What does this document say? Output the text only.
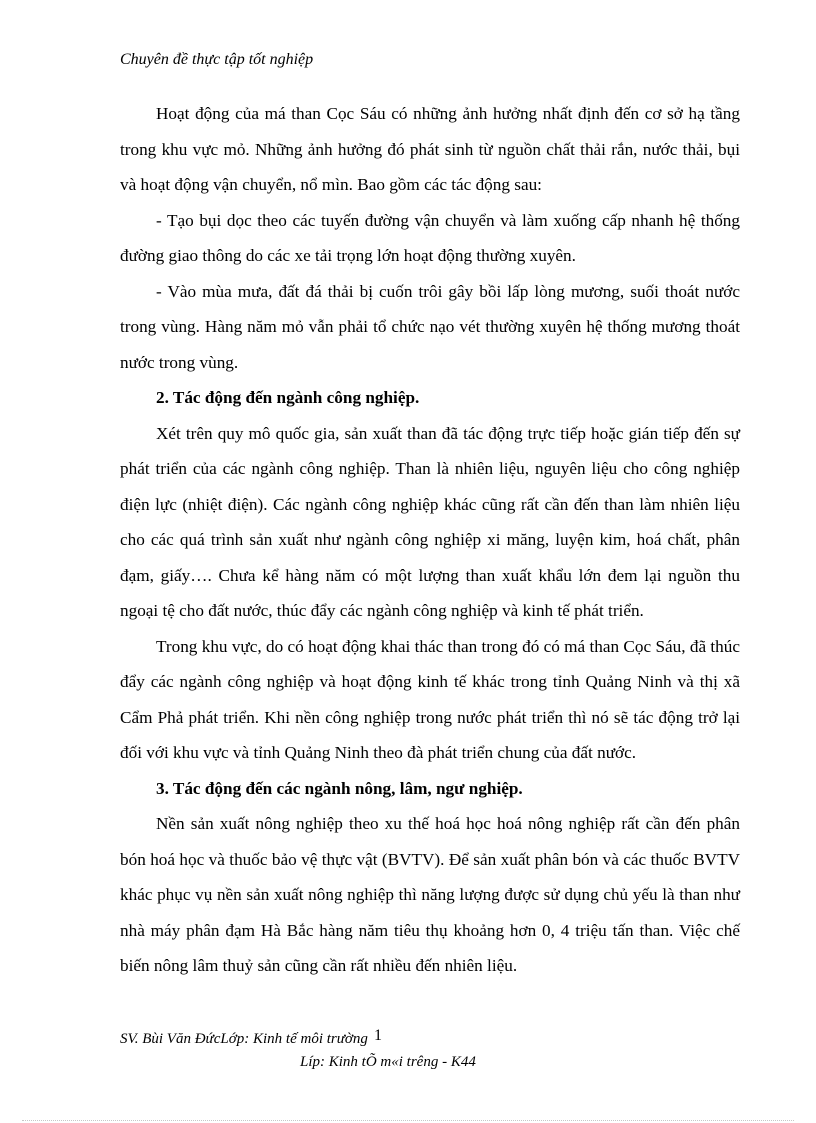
Chuyên đề thực tập tốt nghiệp

Hoạt động của má than Cọc Sáu có những ảnh hưởng nhất định đến cơ sở hạ tầng trong khu vực mỏ. Những ảnh hưởng đó phát sinh từ nguồn chất thải rắn, nước thải, bụi và hoạt động vận chuyển, nổ mìn. Bao gồm các tác động sau:

- Tạo bụi dọc theo các tuyến đường vận chuyển và làm xuống cấp nhanh hệ thống đường giao thông do các xe tải trọng lớn hoạt động thường xuyên.

- Vào mùa mưa, đất đá thải bị cuốn trôi gây bồi lấp lòng mương, suối thoát nước trong vùng. Hàng năm mỏ vẫn phải tổ chức nạo vét thường xuyên hệ thống mương thoát nước trong vùng.

2. Tác động đến ngành công nghiệp.

Xét trên quy mô quốc gia, sản xuất than đã tác động trực tiếp hoặc gián tiếp đến sự phát triển của các ngành công nghiệp. Than là nhiên liệu, nguyên liệu cho công nghiệp điện lực (nhiệt điện). Các ngành công nghiệp khác cũng rất cần đến than làm nhiên liệu cho các quá trình sản xuất như ngành công nghiệp xi măng, luyện kim, hoá chất, phân đạm, giấy…. Chưa kể hàng năm có một lượng than xuất khẩu lớn đem lại nguồn thu ngoại tệ cho đất nước, thúc đẩy các ngành công nghiệp và kinh tế phát triển.

Trong khu vực, do có hoạt động khai thác than trong đó có má than Cọc Sáu, đã thúc đẩy các ngành công nghiệp và hoạt động kinh tế khác trong tỉnh Quảng Ninh và thị xã Cẩm Phả phát triển. Khi nền công nghiệp trong nước phát triển thì nó sẽ tác động trở lại đối với khu vực và tỉnh Quảng Ninh theo đà phát triển chung của đất nước.

3. Tác động đến các ngành nông, lâm, ngư nghiệp.

Nền sản xuất nông nghiệp theo xu thế hoá học hoá nông nghiệp rất cần đến phân bón hoá học và thuốc bảo vệ thực vật (BVTV). Để sản xuất phân bón và các thuốc BVTV khác phục vụ nền sản xuất nông nghiệp thì năng lượng được sử dụng chủ yếu là than như nhà máy phân đạm Hà Bắc hàng năm tiêu thụ khoảng hơn 0, 4 triệu tấn than. Việc chế biến nông lâm thuỷ sản cũng cần rất nhiều đến nhiên liệu.

SV. Bùi Văn ĐứcLớp: Kinh tế môi trường 1
Líp: Kinh tÕ m«i trêng - K44
